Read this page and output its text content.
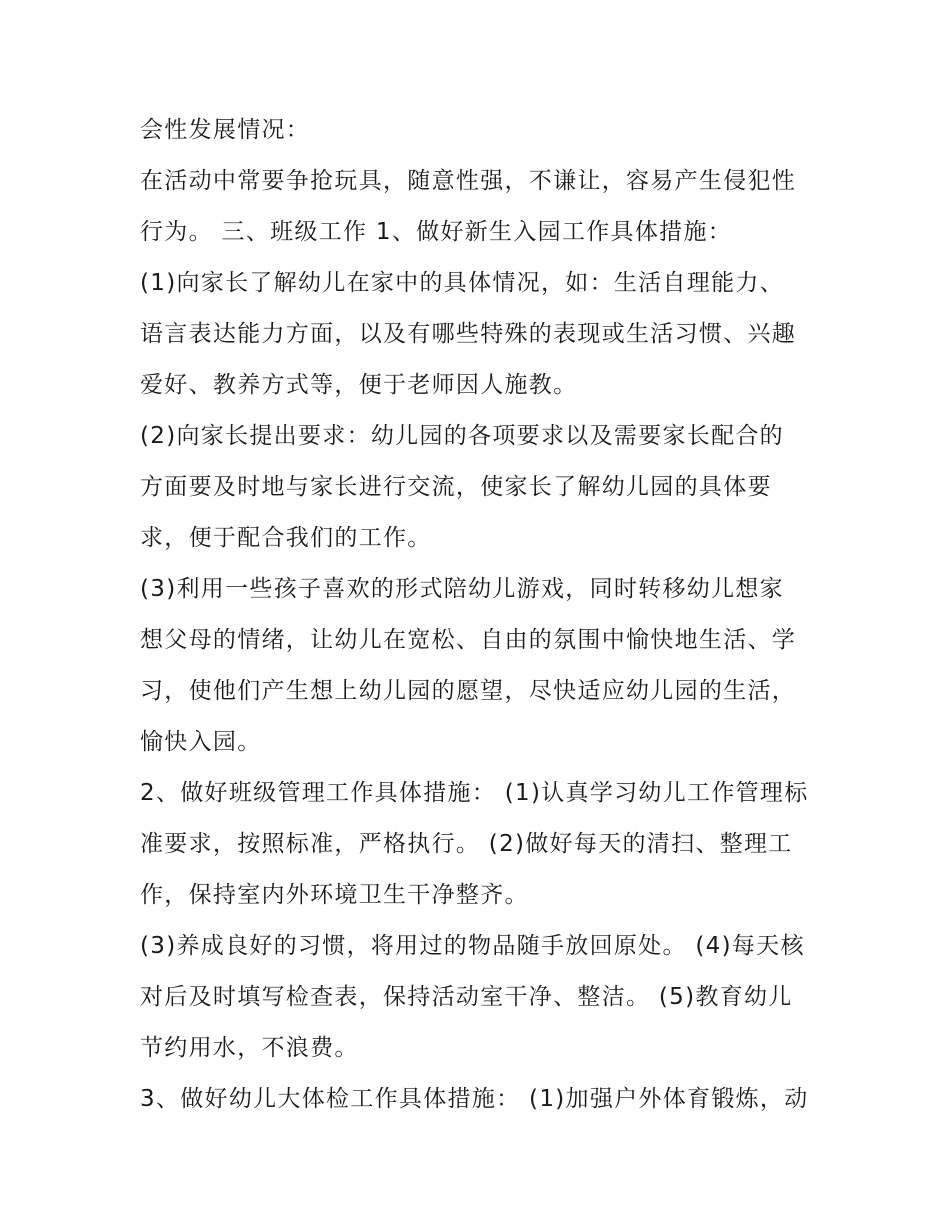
会性发展情况：

在活动中常要争抢玩具，随意性强，不谦让，容易产生侵犯性

行为。 三、班级工作 1、做好新生入园工作具体措施：

(1)向家长了解幼儿在家中的具体情况，如：生活自理能力、

语言表达能力方面，以及有哪些特殊的表现或生活习惯、兴趣

爱好、教养方式等，便于老师因人施教。

(2)向家长提出要求：幼儿园的各项要求以及需要家长配合的

方面要及时地与家长进行交流，使家长了解幼儿园的具体要

求，便于配合我们的工作。

(3)利用一些孩子喜欢的形式陪幼儿游戏，同时转移幼儿想家

想父母的情绪，让幼儿在宽松、自由的氛围中愉快地生活、学

习，使他们产生想上幼儿园的愿望，尽快适应幼儿园的生活，

愉快入园。

2、做好班级管理工作具体措施： (1)认真学习幼儿工作管理标

准要求，按照标准，严格执行。 (2)做好每天的清扫、整理工

作，保持室内外环境卫生干净整齐。

(3)养成良好的习惯，将用过的物品随手放回原处。 (4)每天核

对后及时填写检查表，保持活动室干净、整洁。 (5)教育幼儿

节约用水，不浪费。

3、做好幼儿大体检工作具体措施： (1)加强户外体育锻炼，动
